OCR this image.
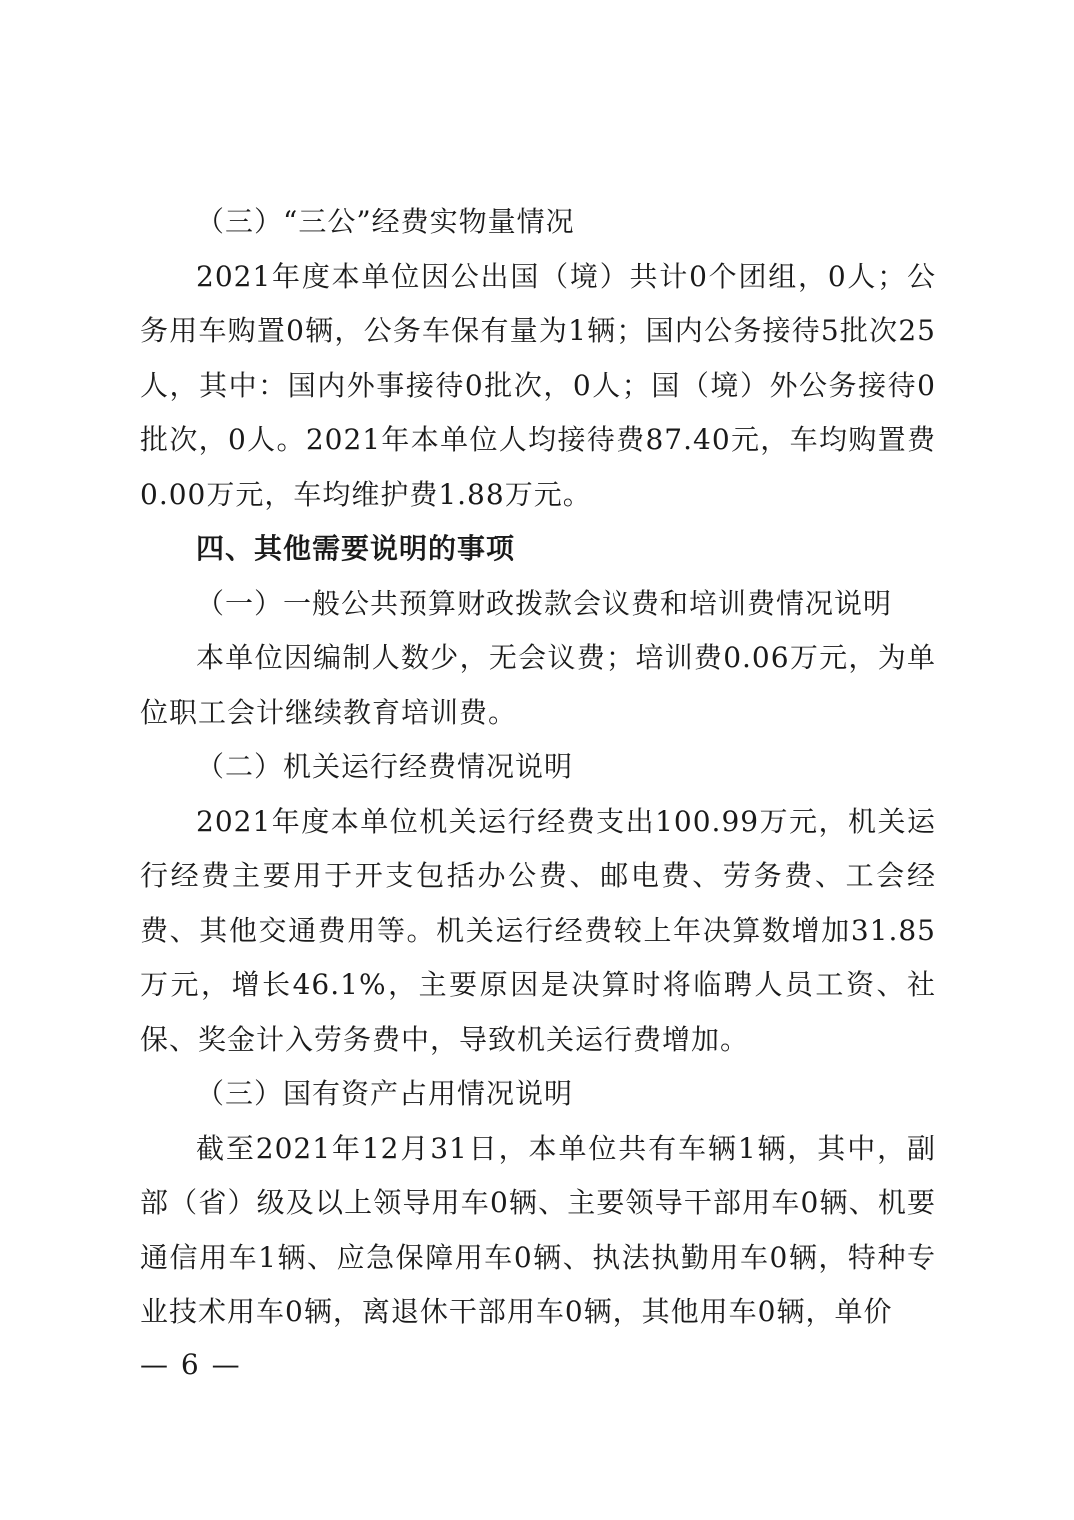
（三）“三公”经费实物量情况

2021年度本单位因公出国（境）共计0个团组，0人；公务用车购置0辆，公务车保有量为1辆；国内公务接待5批次25人，其中：国内外事接待0批次，0人；国（境）外公务接待0批次，0人。2021年本单位人均接待费87.40元，车均购置费0.00万元，车均维护费1.88万元。

四、其他需要说明的事项

（一）一般公共预算财政拨款会议费和培训费情况说明

本单位因编制人数少，无会议费；培训费0.06万元，为单位职工会计继续教育培训费。

（二）机关运行经费情况说明

2021年度本单位机关运行经费支出100.99万元，机关运行经费主要用于开支包括办公费、邮电费、劳务费、工会经费、其他交通费用等。机关运行经费较上年决算数增加31.85万元，增长46.1%，主要原因是决算时将临聘人员工资、社保、奖金计入劳务费中，导致机关运行费增加。

（三）国有资产占用情况说明

截至2021年12月31日，本单位共有车辆1辆，其中，副部（省）级及以上领导用车0辆、主要领导干部用车0辆、机要通信用车1辆、应急保障用车0辆、执法执勤用车0辆，特种专业技术用车0辆，离退休干部用车0辆，其他用车0辆，单价

— 6 —
